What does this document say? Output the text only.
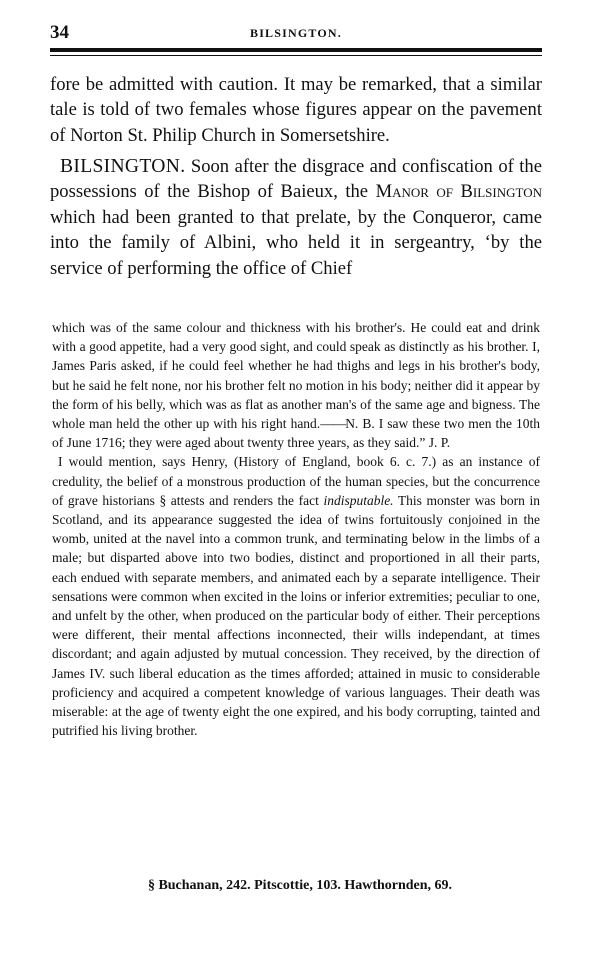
34	BILSINGTON.

fore be admitted with caution. It may be remarked, that a similar tale is told of two females whose figures appear on the pavement of Norton St. Philip Church in Somersetshire.

BILSINGTON. Soon after the disgrace and confiscation of the possessions of the Bishop of Baieux, the Manor of Bilsington which had been granted to that prelate, by the Conqueror, came into the family of Albini, who held it in sergeantry, ‘by the service of performing the office of Chief

which was of the same colour and thickness with his brother's. He could eat and drink with a good appetite, had a very good sight, and could speak as distinctly as his brother. I, James Paris asked, if he could feel whether he had thighs and legs in his brother's body, but he said he felt none, nor his brother felt no motion in his body; neither did it appear by the form of his belly, which was as flat as another man's of the same age and bigness. The whole man held the other up with his right hand.——N. B. I saw these two men the 10th of June 1716; they were aged about twenty three years, as they said.” J. P.

I would mention, says Henry, (History of England, book 6. c. 7.) as an instance of credulity, the belief of a monstrous production of the human species, but the concurrence of grave historians § attests and renders the fact indisputable. This monster was born in Scotland, and its appearance suggested the idea of twins fortuitously conjoined in the womb, united at the navel into a common trunk, and terminating below in the limbs of a male; but disparted above into two bodies, distinct and proportioned in all their parts, each endued with separate members, and animated each by a separate intelligence. Their sensations were common when excited in the loins or inferior extremities; peculiar to one, and unfelt by the other, when produced on the particular body of either. Their perceptions were different, their mental affections inconnected, their wills independant, at times discordant; and again adjusted by mutual concession. They received, by the direction of James IV. such liberal education as the times afforded; attained in music to considerable proficiency and acquired a competent knowledge of various languages. Their death was miserable: at the age of twenty eight the one expired, and his body corrupting, tainted and putrified his living brother.

§ Buchanan, 242. Pitscottie, 103. Hawthornden, 69.
